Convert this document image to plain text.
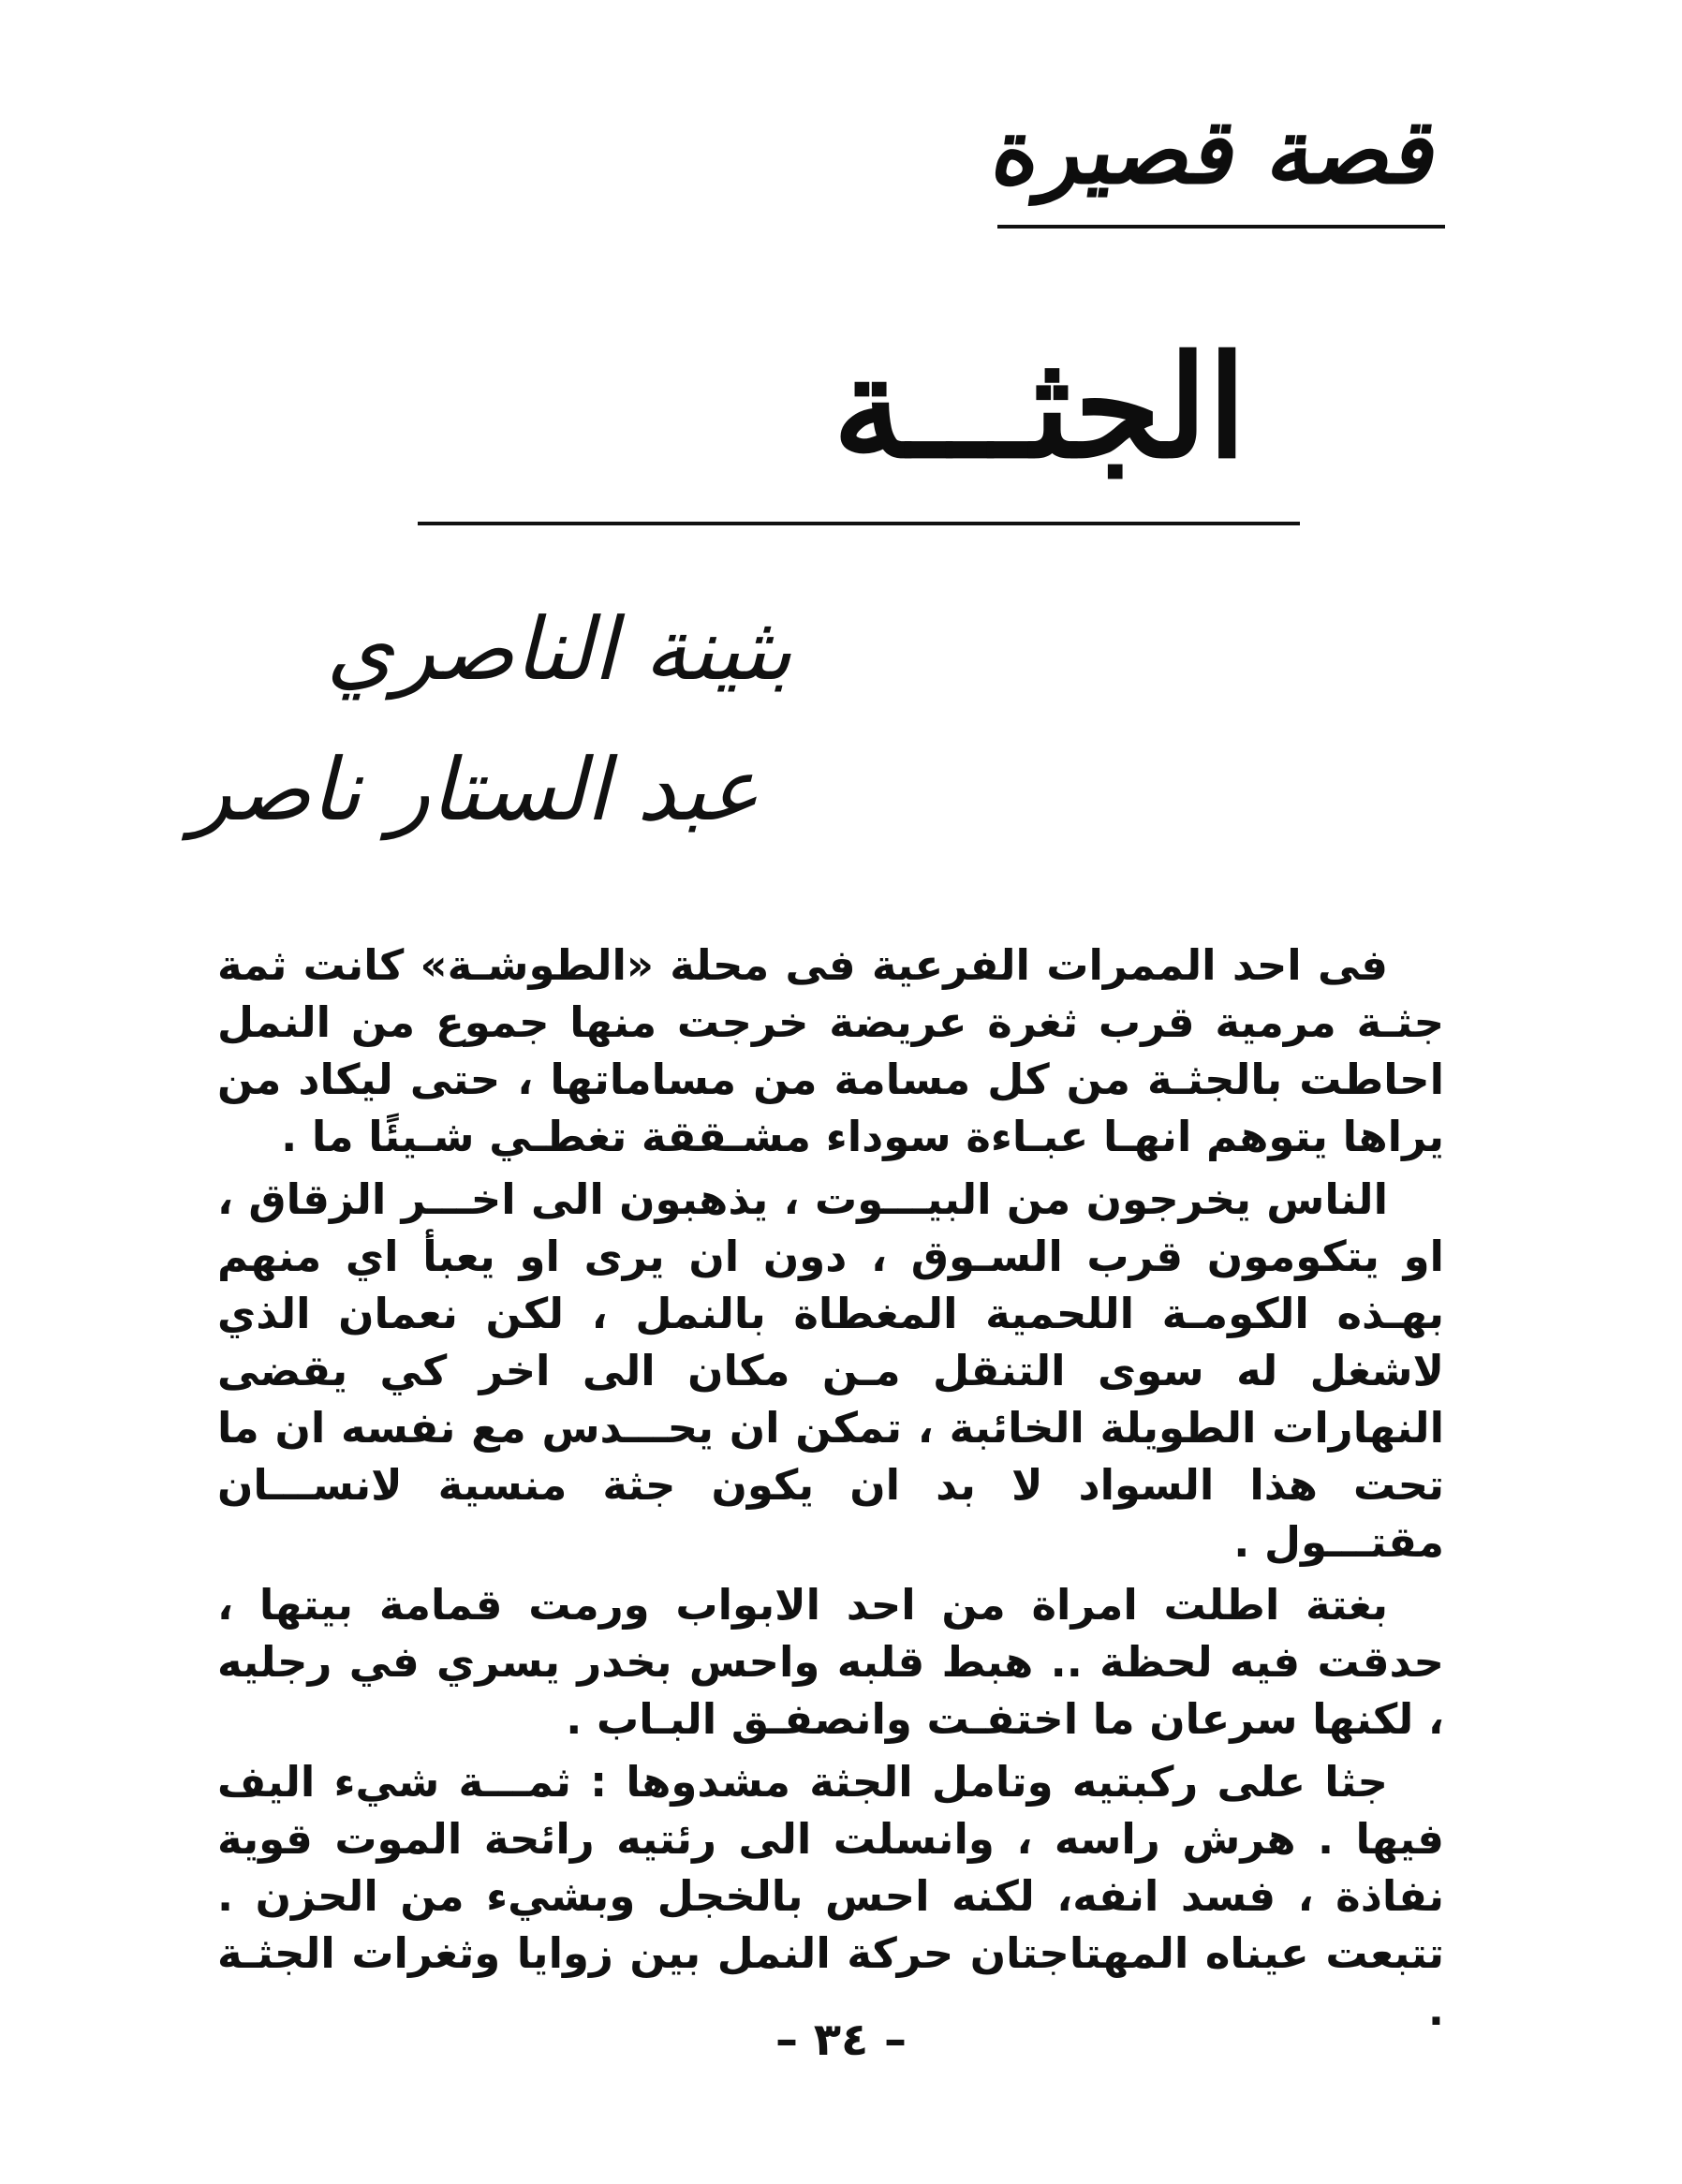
قصة قصيرة
الجثـــة
بثينة الناصري
عبد الستار ناصر

فى احد الممرات الفرعية فى محلة «الطوشـة» كانت ثمة جثـة مرمية قرب ثغرة عريضة خرجت منها جموع من النمل احاطت بالجثـة من كل مسامة من مساماتها ، حتى ليكاد من يراها يتوهم انهـا عبـاءة سوداء مشـققة تغطـي شـيئًا ما .

الناس يخرجون من البيـــوت ، يذهبون الى اخـــر الزقاق ، او يتكومون قرب السـوق ، دون ان يرى او يعبأ اي منهم بهـذه الكومـة اللحمية المغطاة بالنمل ، لكن نعمان الذي لاشغل له سوى التنقل مـن مكان الى اخر كي يقضى النهارات الطويلة الخائبة ، تمكن ان يحـــدس مع نفسه ان ما تحت هذا السواد لا بد ان يكون جثة منسية لانســـان مقتـــول .

بغتة اطلت امراة من احد الابواب ورمت قمامة بيتها ، حدقت فيه لحظة .. هبط قلبه واحس بخدر يسري في رجليه ، لكنها سرعان ما اختفـت وانصفـق البـاب .

جثا على ركبتيه وتامل الجثة مشدوها : ثمـــة شيء اليف فيها . هرش راسه ، وانسلت الى رئتيه رائحة الموت قوية نفاذة ، فسد انفه، لكنه احس بالخجل وبشيء من الحزن . تتبعت عيناه المهتاجتان حركة النمل بين زوايا وثغرات الجثـة .

– ٣٤ –
